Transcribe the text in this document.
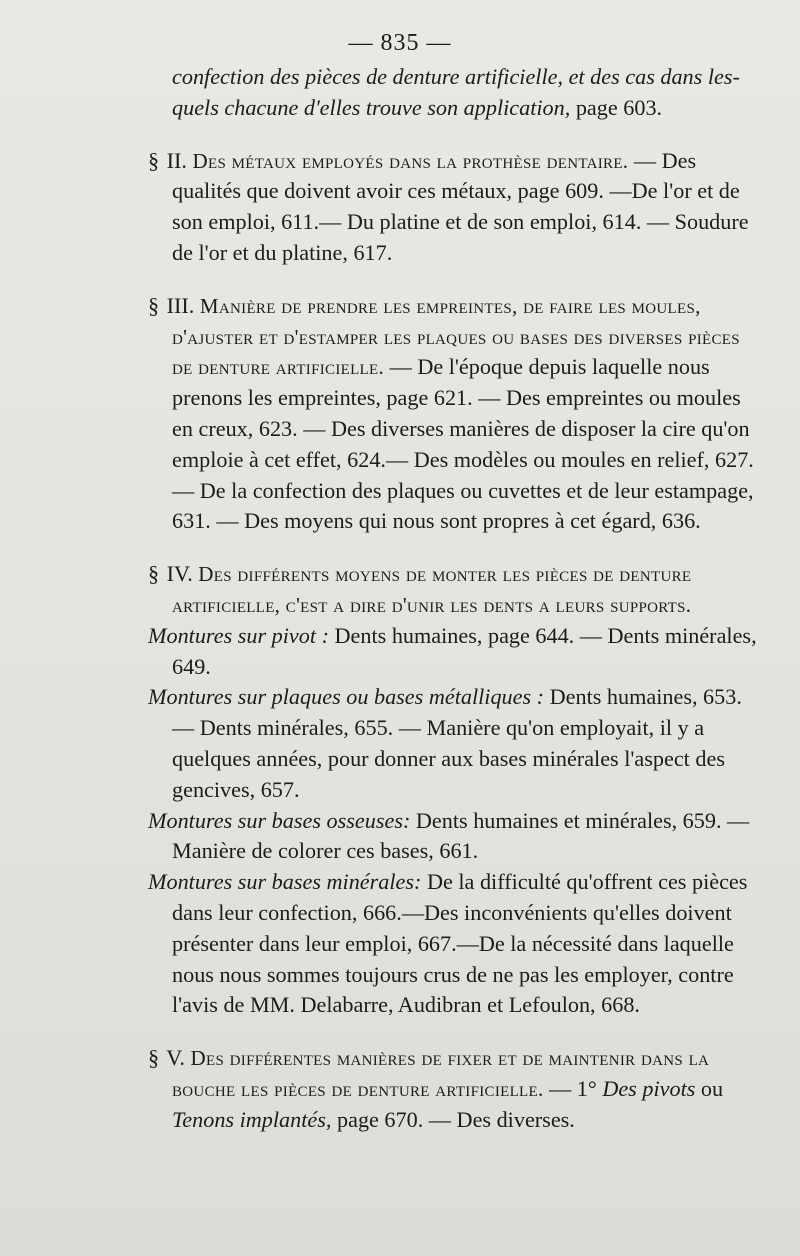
— 835 —

confection des pièces de denture artificielle, et des cas dans les-quels chacune d'elles trouve son application, page 603.

§ II. Des métaux employés dans la prothèse dentaire. — Des qualités que doivent avoir ces métaux, page 609. —De l'or et de son emploi, 611.— Du platine et de son emploi, 614. — Soudure de l'or et du platine, 617.

§ III. Manière de prendre les empreintes, de faire les moules, d'ajuster et d'estamper les plaques ou bases des diverses pièces de denture artificielle. — De l'époque depuis laquelle nous prenons les empreintes, page 621. — Des empreintes ou moules en creux, 623. — Des diverses manières de disposer la cire qu'on emploie à cet effet, 624.— Des modèles ou moules en relief, 627. — De la confection des plaques ou cuvettes et de leur estampage, 631. — Des moyens qui nous sont propres à cet égard, 636.

§ IV. Des différents moyens de monter les pièces de denture artificielle, c'est a dire d'unir les dents a leurs supports.

Montures sur pivot : Dents humaines, page 644. — Dents minérales, 649.

Montures sur plaques ou bases métalliques : Dents humaines, 653. — Dents minérales, 655. — Manière qu'on employait, il y a quelques années, pour donner aux bases minérales l'aspect des gencives, 657.

Montures sur bases osseuses: Dents humaines et minérales, 659. — Manière de colorer ces bases, 661.

Montures sur bases minérales: De la difficulté qu'offrent ces pièces dans leur confection, 666.—Des inconvénients qu'elles doivent présenter dans leur emploi, 667.—De la nécessité dans laquelle nous nous sommes toujours crus de ne pas les employer, contre l'avis de MM. Delabarre, Audibran et Lefoulon, 668.

§ V. Des différentes manières de fixer et de maintenir dans la bouche les pièces de denture artificielle. — 1° Des pivots ou Tenons implantés, page 670. — Des diverses.
